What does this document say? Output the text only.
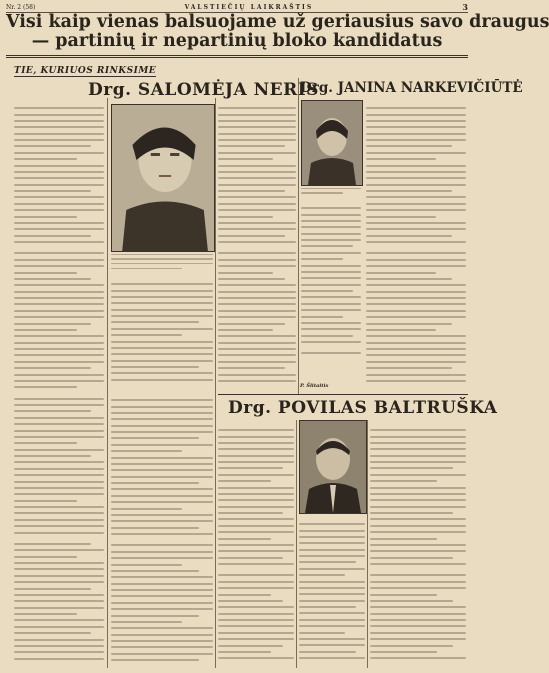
Nr. 2 (58)	VALSTIEČIŲ LAIKRAŠTIS	3
Visi kaip vienas balsuojame už geriausius savo draugus
— partinių ir nepartinių bloko kandidatus
TIE, KURIUOS RINKSIME
Drg. SALOMĖJA NERIS
Drg. JANINA NARKEVIČIŪTĖ
P. Šlitaitis
Drg. POVILAS BALTRUŠKA
